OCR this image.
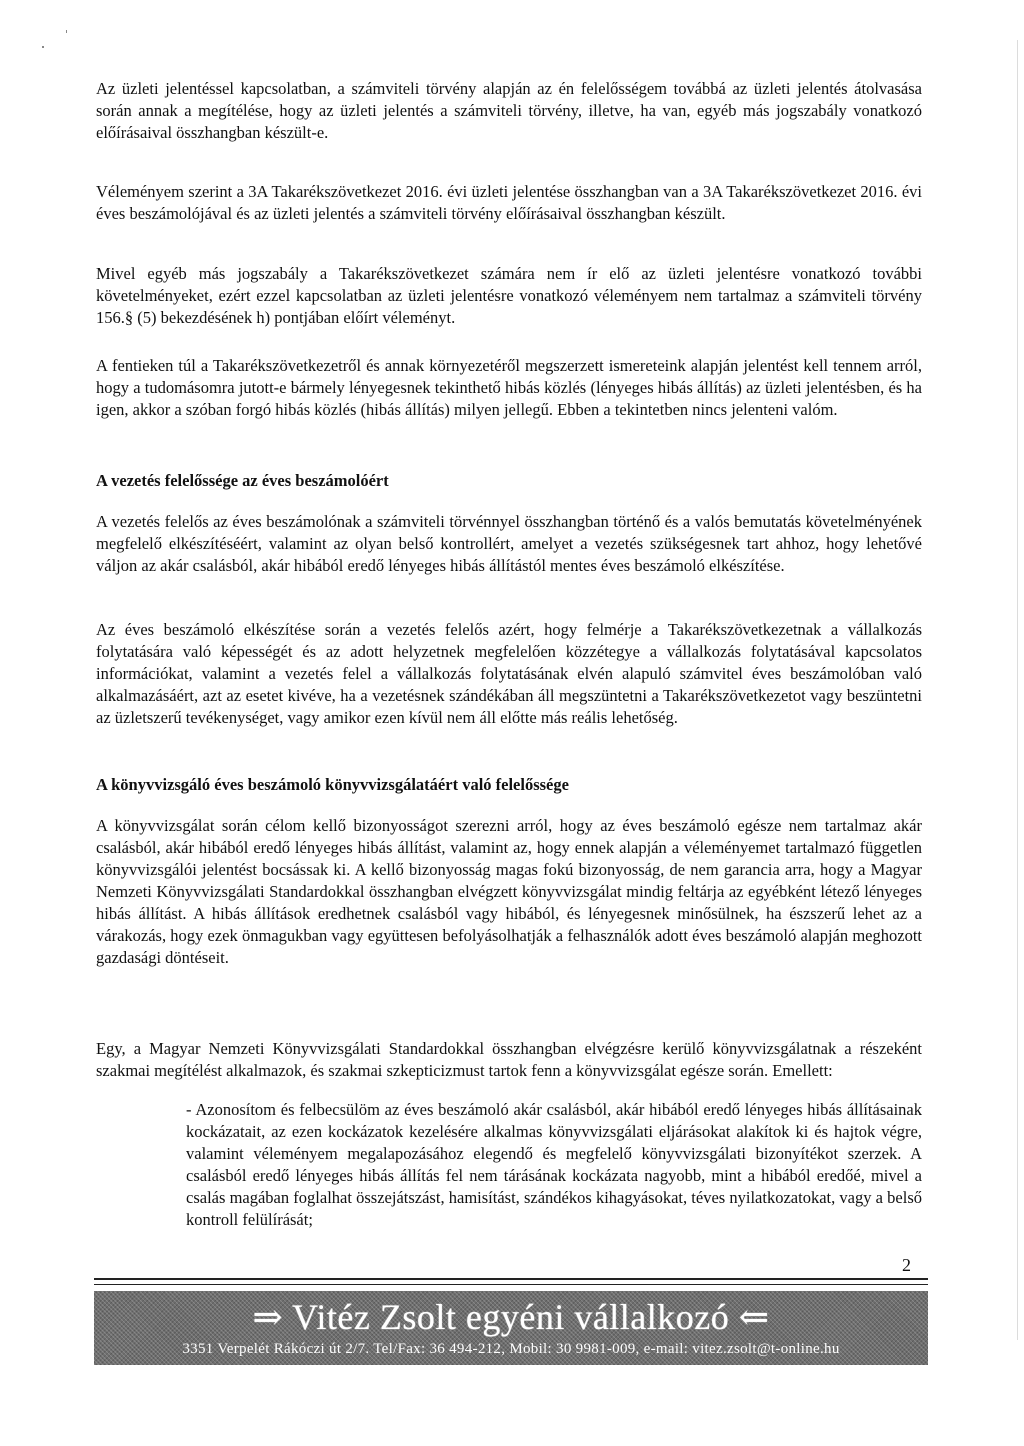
Az üzleti jelentéssel kapcsolatban, a számviteli törvény alapján az én felelősségem továbbá az üzleti jelentés átolvasása során annak a megítélése, hogy az üzleti jelentés a számviteli törvény, illetve, ha van, egyéb más jogszabály vonatkozó előírásaival összhangban készült-e.

Véleményem szerint a 3A Takarékszövetkezet 2016. évi üzleti jelentése összhangban van a 3A Takarékszövetkezet 2016. évi éves beszámolójával és az üzleti jelentés a számviteli törvény előírásaival összhangban készült.

Mivel egyéb más jogszabály a Takarékszövetkezet számára nem ír elő az üzleti jelentésre vonatkozó további követelményeket, ezért ezzel kapcsolatban az üzleti jelentésre vonatkozó véleményem nem tartalmaz a számviteli törvény 156.§ (5) bekezdésének h) pontjában előírt véleményt.

A fentieken túl a Takarékszövetkezetről és annak környezetéről megszerzett ismereteink alapján jelentést kell tennem arról, hogy a tudomásomra jutott-e bármely lényegesnek tekinthető hibás közlés (lényeges hibás állítás) az üzleti jelentésben, és ha igen, akkor a szóban forgó hibás közlés (hibás állítás) milyen jellegű. Ebben a tekintetben nincs jelenteni valóm.

A vezetés felelőssége az éves beszámolóért

A vezetés felelős az éves beszámolónak a számviteli törvénnyel összhangban történő és a valós bemutatás követelményének megfelelő elkészítéséért, valamint az olyan belső kontrollért, amelyet a vezetés szükségesnek tart ahhoz, hogy lehetővé váljon az akár csalásból, akár hibából eredő lényeges hibás állítástól mentes éves beszámoló elkészítése.

Az éves beszámoló elkészítése során a vezetés felelős azért, hogy felmérje a Takarékszövetkezetnak a vállalkozás folytatására való képességét és az adott helyzetnek megfelelően közzétegye a vállalkozás folytatásával kapcsolatos információkat, valamint a vezetés felel a vállalkozás folytatásának elvén alapuló számvitel éves beszámolóban való alkalmazásáért, azt az esetet kivéve, ha a vezetésnek szándékában áll megszüntetni a Takarékszövetkezetot vagy beszüntetni az üzletszerű tevékenységet, vagy amikor ezen kívül nem áll előtte más reális lehetőség.

A könyvvizsgáló éves beszámoló könyvvizsgálatáért való felelőssége

A könyvvizsgálat során célom kellő bizonyosságot szerezni arról, hogy az éves beszámoló egésze nem tartalmaz akár csalásból, akár hibából eredő lényeges hibás állítást, valamint az, hogy ennek alapján a véleményemet tartalmazó független könyvvizsgálói jelentést bocsássak ki. A kellő bizonyosság magas fokú bizonyosság, de nem garancia arra, hogy a Magyar Nemzeti Könyvvizsgálati Standardokkal összhangban elvégzett könyvvizsgálat mindig feltárja az egyébként létező lényeges hibás állítást. A hibás állítások eredhetnek csalásból vagy hibából, és lényegesnek minősülnek, ha észszerű lehet az a várakozás, hogy ezek önmagukban vagy együttesen befolyásolhatják a felhasználók adott éves beszámoló alapján meghozott gazdasági döntéseit.

Egy, a Magyar Nemzeti Könyvvizsgálati Standardokkal összhangban elvégzésre kerülő könyvvizsgálatnak a részeként szakmai megítélést alkalmazok, és szakmai szkepticizmust tartok fenn a könyvvizsgálat egésze során. Emellett:

- Azonosítom és felbecsülöm az éves beszámoló akár csalásból, akár hibából eredő lényeges hibás állításainak kockázatait, az ezen kockázatok kezelésére alkalmas könyvvizsgálati eljárásokat alakítok ki és hajtok végre, valamint véleményem megalapozásához elegendő és megfelelő könyvvizsgálati bizonyítékot szerzek. A csalásból eredő lényeges hibás állítás fel nem tárásának kockázata nagyobb, mint a hibából eredőé, mivel a csalás magában foglalhat összejátszást, hamisítást, szándékos kihagyásokat, téves nyilatkozatokat, vagy a belső kontroll felülírását;

2
⇒ Vitéz Zsolt egyéni vállalkozó ⇐
3351 Verpelét Rákóczi út 2/7. Tel/Fax: 36 494-212, Mobil: 30 9981-009, e-mail: vitez.zsolt@t-online.hu
